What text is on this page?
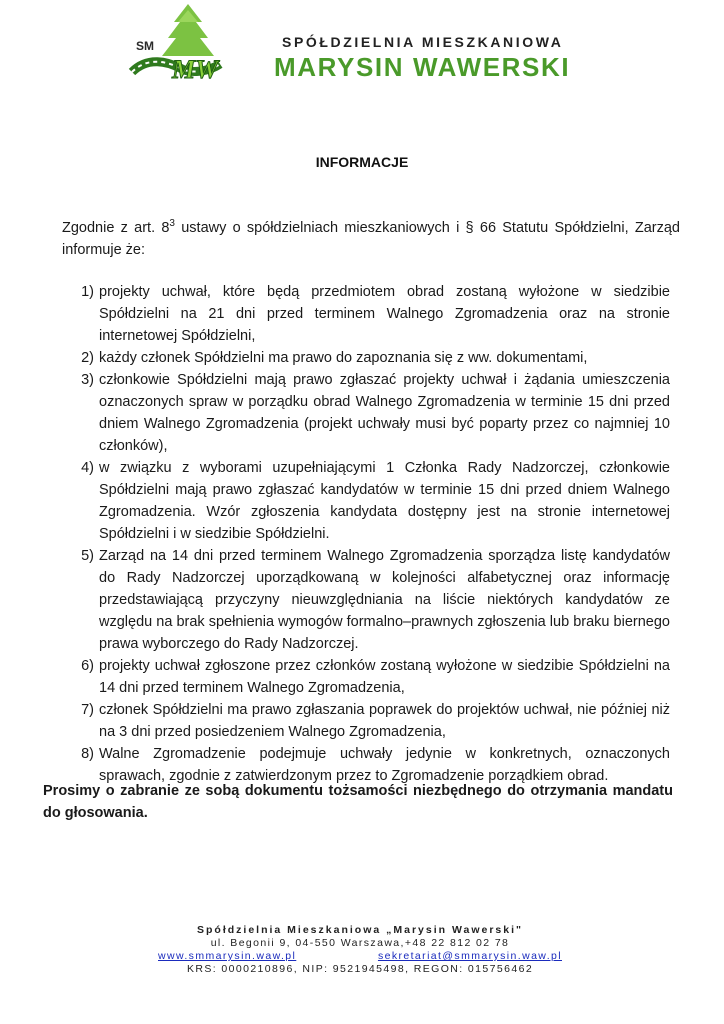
SM
MW
SPÓŁDZIELNIA MIESZKANIOWA
MARYSIN WAWERSKI
INFORMACJE
Zgodnie z art. $8^3$ ustawy o spółdzielniach mieszkaniowych i § 66 Statutu Spółdzielni, Zarząd informuje że:
1) projekty uchwał, które będą przedmiotem obrad zostaną wyłożone w siedzibie Spółdzielni na 21 dni przed terminem Walnego Zgromadzenia oraz na stronie internetowej Spółdzielni,
2) każdy członek Spółdzielni ma prawo do zapoznania się z ww. dokumentami,
3) członkowie Spółdzielni mają prawo zgłaszać projekty uchwał i żądania umieszczenia oznaczonych spraw w porządku obrad Walnego Zgromadzenia w terminie 15 dni przed dniem Walnego Zgromadzenia (projekt uchwały musi być poparty przez co najmniej 10 członków),
4) w związku z wyborami uzupełniającymi 1 Członka Rady Nadzorczej, członkowie Spółdzielni mają prawo zgłaszać kandydatów w terminie 15 dni przed dniem Walnego Zgromadzenia. Wzór zgłoszenia kandydata dostępny jest na stronie internetowej Spółdzielni i w siedzibie Spółdzielni.
5) Zarząd na 14 dni przed terminem Walnego Zgromadzenia sporządza listę kandydatów do Rady Nadzorczej uporządkowaną w kolejności alfabetycznej oraz informację przedstawiającą przyczyny nieuwzględniania na liście niektórych kandydatów ze względu na brak spełnienia wymogów formalno–prawnych zgłoszenia lub braku biernego prawa wyborczego do Rady Nadzorczej.
6) projekty uchwał zgłoszone przez członków zostaną wyłożone w siedzibie Spółdzielni na 14 dni przed terminem Walnego Zgromadzenia,
7) członek Spółdzielni ma prawo zgłaszania poprawek do projektów uchwał, nie później niż na 3 dni przed posiedzeniem Walnego Zgromadzenia,
8) Walne Zgromadzenie podejmuje uchwały jedynie w konkretnych, oznaczonych sprawach, zgodnie z zatwierdzonym przez to Zgromadzenie porządkiem obrad.
Prosimy o zabranie ze sobą dokumentu tożsamości niezbędnego do otrzymania mandatu do głosowania.
Spółdzielnia Mieszkaniowa „Marysin Wawerski"
ul. Begonii 9, 04-550 Warszawa,+48 22 812 02 78
www.smmarysin.waw.pl	sekretariat@smmarysin.waw.pl
KRS: 0000210896, NIP: 9521945498, REGON: 015756462
